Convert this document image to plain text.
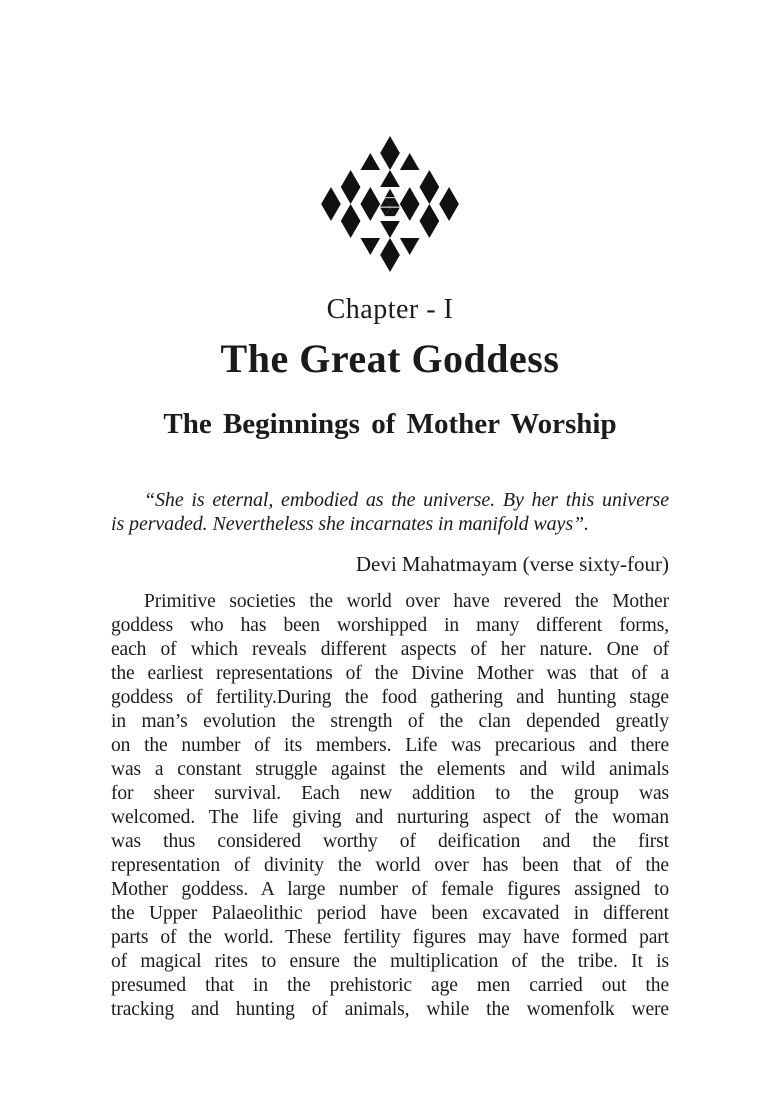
Chapter - I
The Great Goddess
The Beginnings of Mother Worship
“She is eternal, embodied as the universe. By her this universe
is pervaded. Nevertheless she incarnates in manifold ways”.
Devi Mahatmayam (verse sixty-four)
Primitive societies the world over have revered the Mother
goddess who has been worshipped in many different forms,
each of which reveals different aspects of her nature. One of
the earliest representations of the Divine Mother was that of a
goddess of fertility.During the food gathering and hunting stage
in man’s evolution the strength of the clan depended greatly
on the number of its members. Life was precarious and there
was a constant struggle against the elements and wild animals
for sheer survival. Each new addition to the group was
welcomed. The life giving and nurturing aspect of the woman
was thus considered worthy of deification and the first
representation of divinity the world over has been that of the
Mother goddess. A large number of female figures assigned to
the Upper Palaeolithic period have been excavated in different
parts of the world. These fertility figures may have formed part
of magical rites to ensure the multiplication of the tribe. It is
presumed that in the prehistoric age men carried out the
tracking and hunting of animals, while the womenfolk were
